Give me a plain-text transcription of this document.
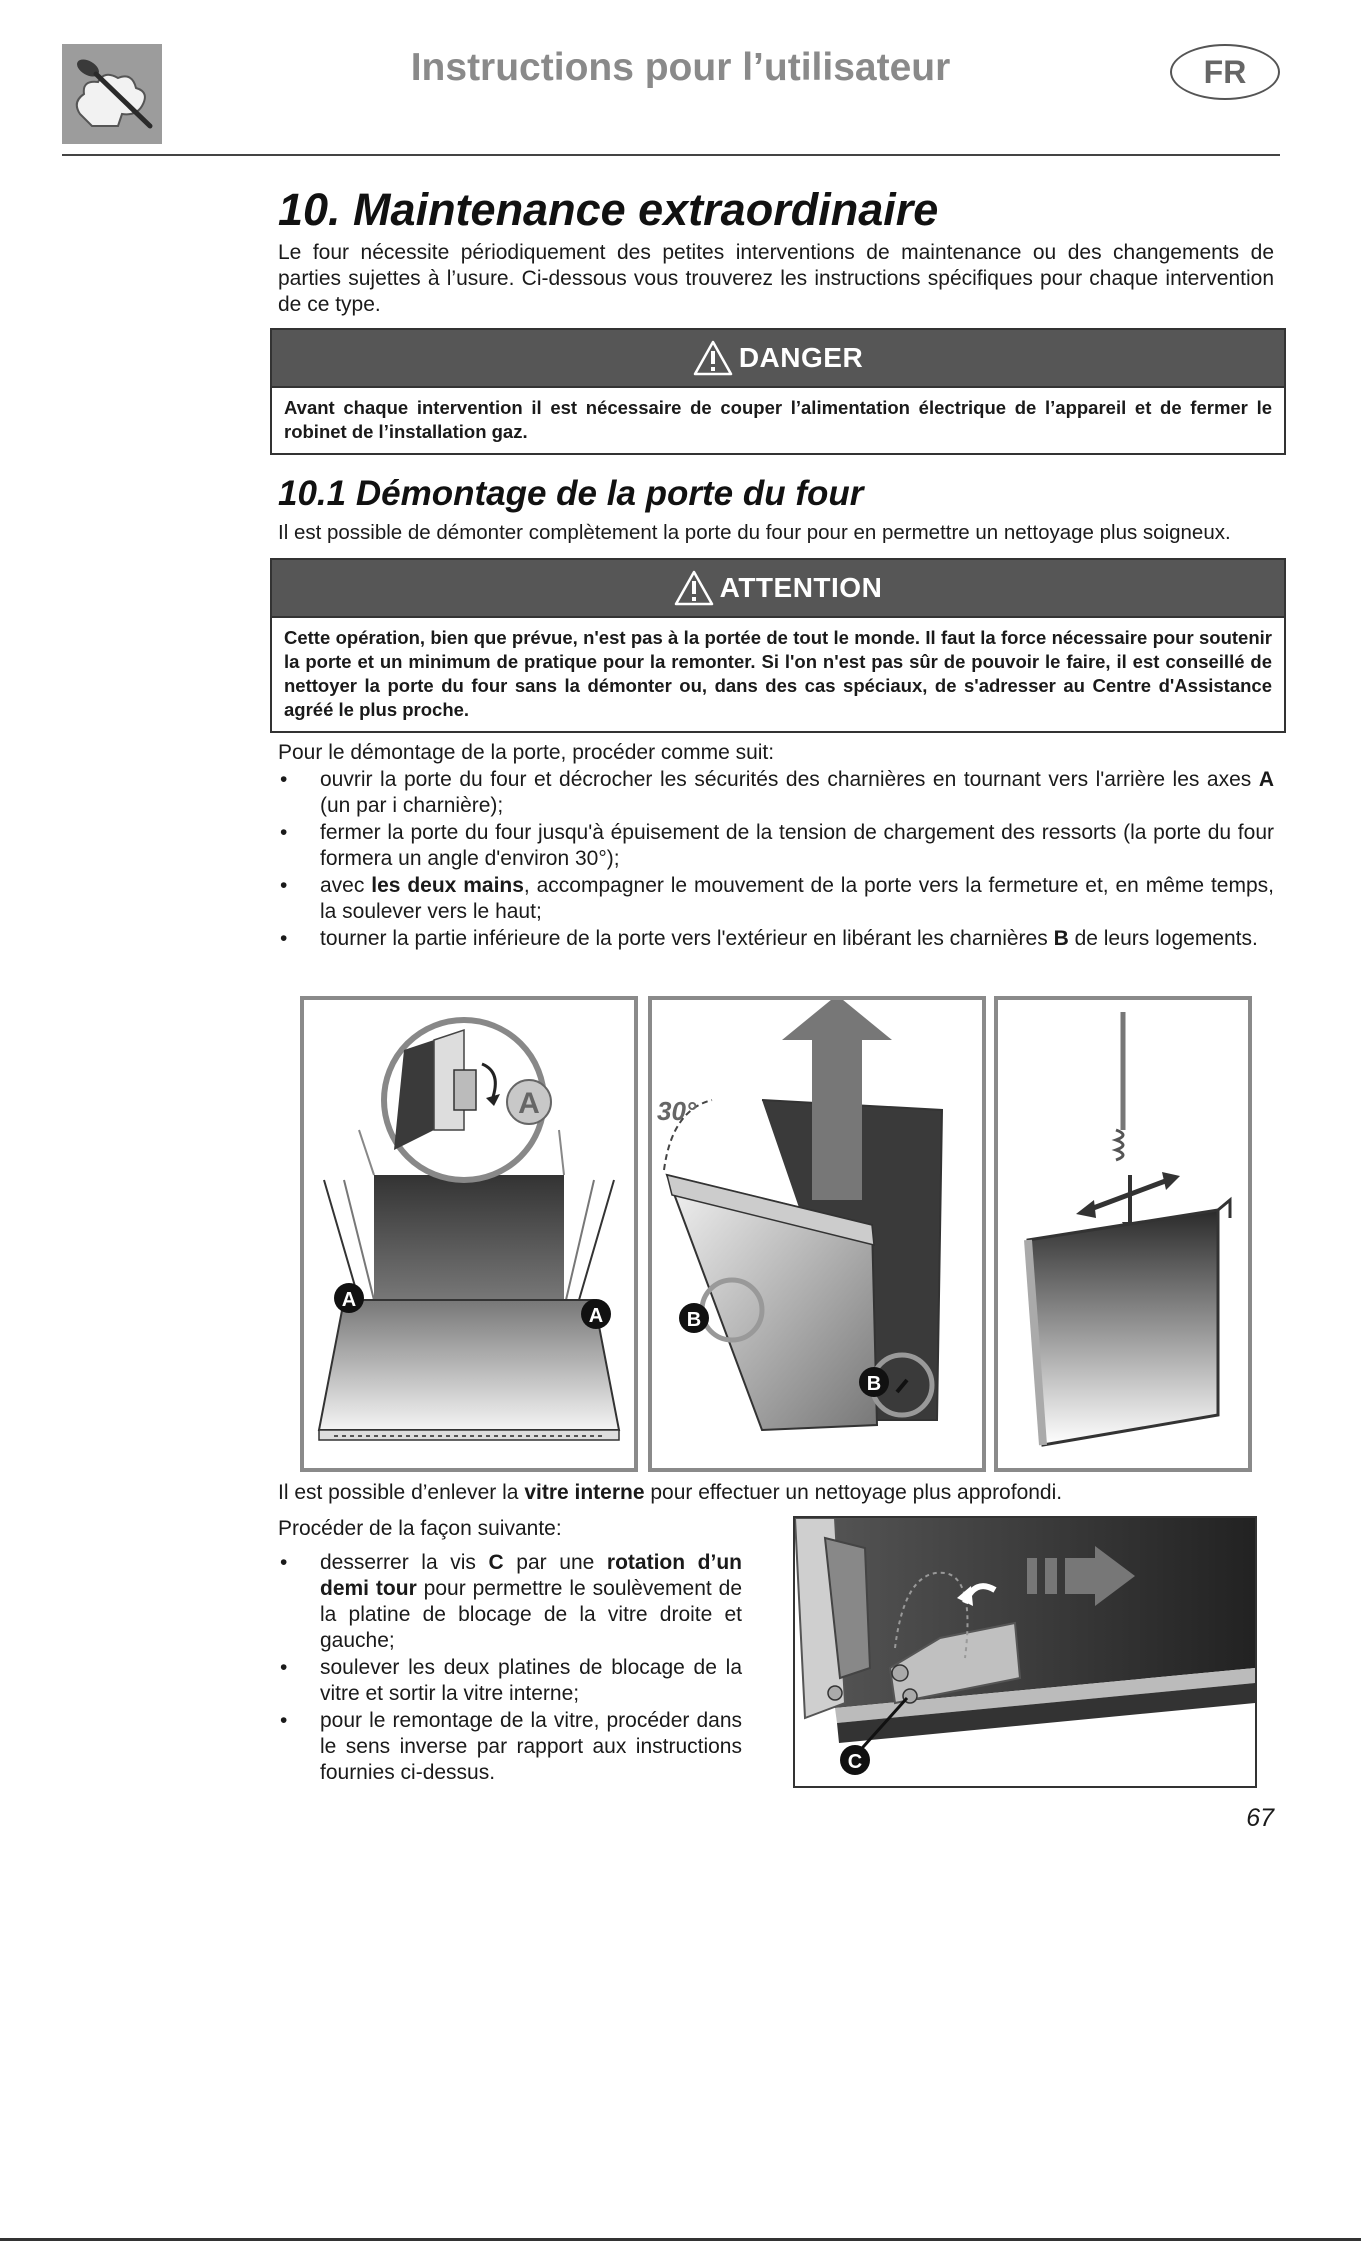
Instructions pour l’utilisateur	FR
10. Maintenance extraordinaire
Le four nécessite périodiquement des petites interventions de maintenance ou des changements de parties sujettes à l’usure. Ci-dessous vous trouverez les instructions spécifiques pour chaque intervention de ce type.
DANGER
Avant chaque intervention il est nécessaire de couper l’alimentation électrique de l’appareil et de fermer le robinet de l’installation gaz.
10.1 Démontage de la porte du four
Il est possible de démonter complètement la porte du four pour en permettre un nettoyage plus soigneux.
ATTENTION
Cette opération, bien que prévue, n'est pas à la portée de tout le monde. Il faut la force nécessaire pour soutenir la porte et un minimum de pratique pour la remonter. Si l'on n'est pas sûr de pouvoir le faire, il est conseillé de nettoyer la porte du four sans la démonter ou, dans des cas spéciaux, de s'adresser au Centre d'Assistance agréé le plus proche.
Pour le démontage de la porte, procéder comme suit:
• ouvrir la porte du four et décrocher les sécurités des charnières en tournant vers l'arrière les axes A (un par i charnière);
• fermer la porte du four jusqu'à épuisement de la tension de chargement des ressorts (la porte du four formera un angle d'environ 30°);
• avec les deux mains, accompagner le mouvement de la porte vers la fermeture et, en même temps, la soulever vers le haut;
• tourner la partie inférieure de la porte vers l'extérieur en libérant les charnières B de leurs logements.
A
A
A
30°
B
B
Il est possible d’enlever la vitre interne pour effectuer un nettoyage plus approfondi.
Procéder de la façon suivante:
• desserrer la vis C par une rotation d’un demi tour pour permettre le soulèvement de la platine de blocage de la vitre droite et gauche;
• soulever les deux platines de blocage de la vitre et sortir la vitre interne;
• pour le remontage de la vitre, procéder dans le sens inverse par rapport aux instructions fournies ci-dessus.	C
67
